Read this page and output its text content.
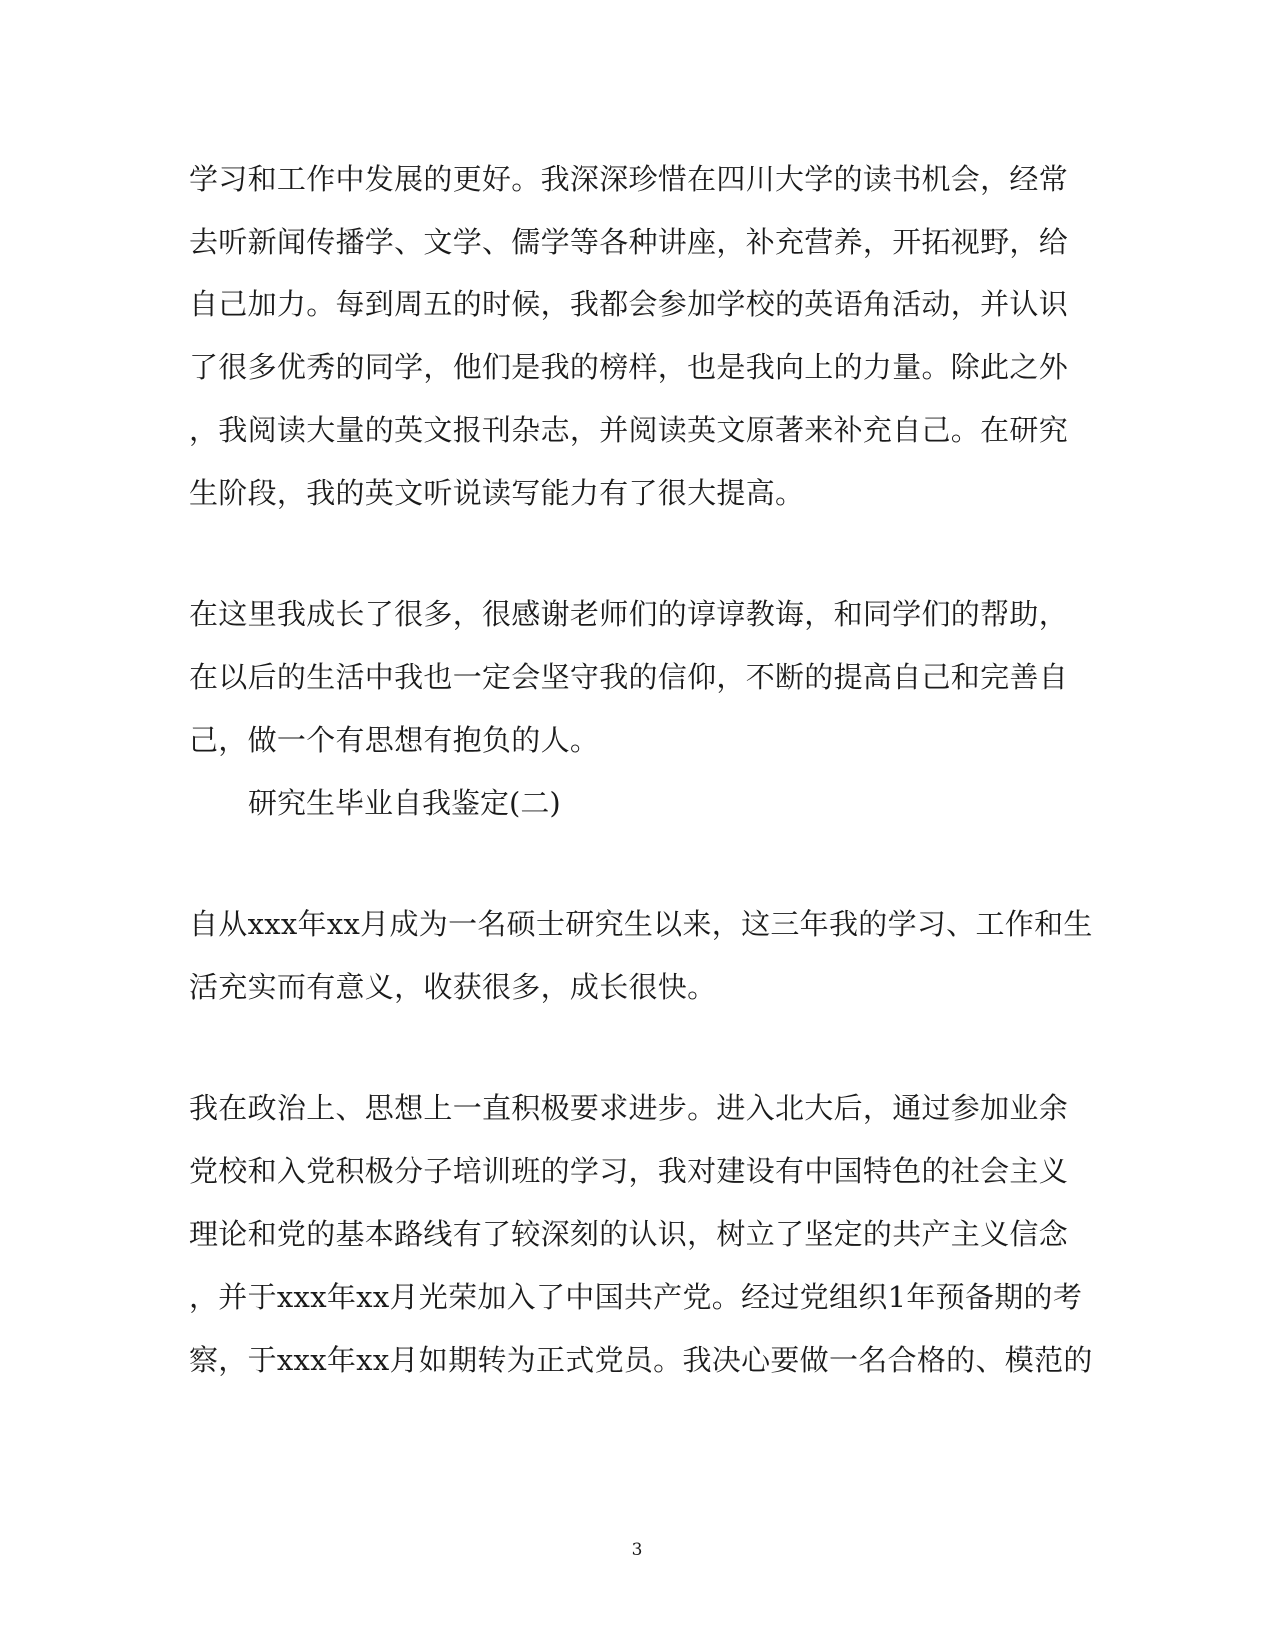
学习和工作中发展的更好。我深深珍惜在四川大学的读书机会，经常
去听新闻传播学、文学、儒学等各种讲座，补充营养，开拓视野，给
自己加力。每到周五的时候，我都会参加学校的英语角活动，并认识
了很多优秀的同学，他们是我的榜样，也是我向上的力量。除此之外
，我阅读大量的英文报刊杂志，并阅读英文原著来补充自己。在研究
生阶段，我的英文听说读写能力有了很大提高。
在这里我成长了很多，很感谢老师们的谆谆教诲，和同学们的帮助，
在以后的生活中我也一定会坚守我的信仰，不断的提高自己和完善自
己，做一个有思想有抱负的人。
研究生毕业自我鉴定(二)
自从xxx年xx月成为一名硕士研究生以来，这三年我的学习、工作和生
活充实而有意义，收获很多，成长很快。
我在政治上、思想上一直积极要求进步。进入北大后，通过参加业余
党校和入党积极分子培训班的学习，我对建设有中国特色的社会主义
理论和党的基本路线有了较深刻的认识，树立了坚定的共产主义信念
，并于xxx年xx月光荣加入了中国共产党。经过党组织1年预备期的考
察，于xxx年xx月如期转为正式党员。我决心要做一名合格的、模范的
3
